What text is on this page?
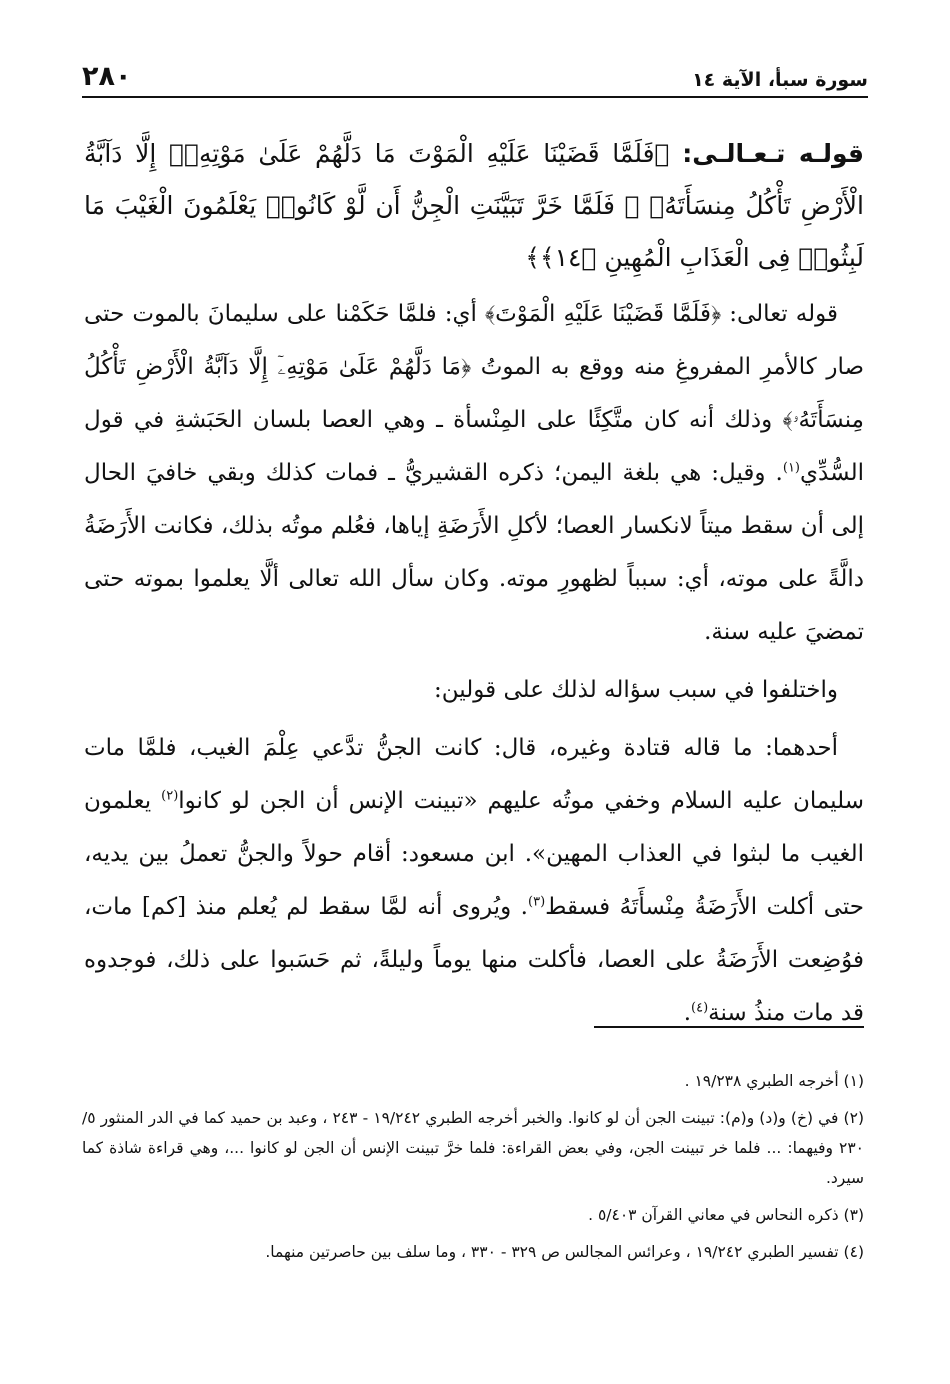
سورة سبأ، الآية ١٤
٢٨٠

قولـه تـعـالـى: ﴿فَلَمَّا قَضَيْنَا عَلَيْهِ الْمَوْتَ مَا دَلَّهُمْ عَلَىٰ مَوْتِهِۦٓ إِلَّا دَآبَّةُ الْأَرْضِ تَأْكُلُ مِنسَأَتَهُۥ ۖ فَلَمَّا خَرَّ تَبَيَّنَتِ الْجِنُّ أَن لَّوْ كَانُوا۟ يَعْلَمُونَ الْغَيْبَ مَا لَبِثُوا۟ فِى الْعَذَابِ الْمُهِينِ ﴿١٤﴾﴾

قوله تعالى: ﴿فَلَمَّا قَضَيْنَا عَلَيْهِ الْمَوْتَ﴾ أي: فلمَّا حَكَمْنا على سليمانَ بالموت حتى صار كالأمرِ المفروغِ منه ووقع به الموتُ ﴿مَا دَلَّهُمْ عَلَىٰ مَوْتِهِۦٓ إِلَّا دَآبَّةُ الْأَرْضِ تَأْكُلُ مِنسَأَتَهُۥ﴾ وذلك أنه كان متَّكِئًا على المِنْسأة ـ وهي العصا بلسان الحَبَشةِ في قول السُّدِّي$^{(١)}$. وقيل: هي بلغة اليمن؛ ذكره القشيريُّ ـ فمات كذلك وبقي خافيَ الحال إلى أن سقط ميتاً لانكسار العصا؛ لأكلِ الأَرَضَةِ إياها، فعُلم موتُه بذلك، فكانت الأَرَضَةُ دالَّةً على موته، أي: سبباً لظهورِ موته. وكان سأل الله تعالى ألَّا يعلموا بموته حتى تمضيَ عليه سنة.

واختلفوا في سبب سؤاله لذلك على قولين:

أحدهما: ما قاله قتادة وغيره، قال: كانت الجنُّ تدَّعي عِلْمَ الغيب، فلمَّا مات سليمان عليه السلام وخفي موتُه عليهم «تبينت الإنس أن الجن لو كانوا$^{(٢)}$ يعلمون الغيب ما لبثوا في العذاب المهين». ابن مسعود: أقام حولاً والجنُّ تعملُ بين يديه، حتى أكلت الأَرَضَةُ مِنْسأَتَهُ فسقط$^{(٣)}$. ويُروى أنه لمَّا سقط لم يُعلم منذ [كم] مات، فوُضِعت الأَرَضَةُ على العصا، فأكلت منها يوماً وليلةً، ثم حَسَبوا على ذلك، فوجدوه قد مات منذُ سنة$^{(٤)}$.

(١) أخرجه الطبري ١٩/٢٣٨ .

(٢) في (خ) و(د) و(م): تبينت الجن أن لو كانوا. والخبر أخرجه الطبري ١٩/٢٤٢ - ٢٤٣ ، وعبد بن حميد كما في الدر المنثور ٥/ ٢٣٠ وفيهما: ... فلما خر تبينت الجن، وفي بعض القراءة: فلما خرَّ تبينت الإنس أن الجن لو كانوا ...، وهي قراءة شاذة كما سيرد.

(٣) ذكره النحاس في معاني القرآن ٥/٤٠٣ .

(٤) تفسير الطبري ١٩/٢٤٢ ، وعرائس المجالس ص ٣٢٩ - ٣٣٠ ، وما سلف بين حاصرتين منهما.
